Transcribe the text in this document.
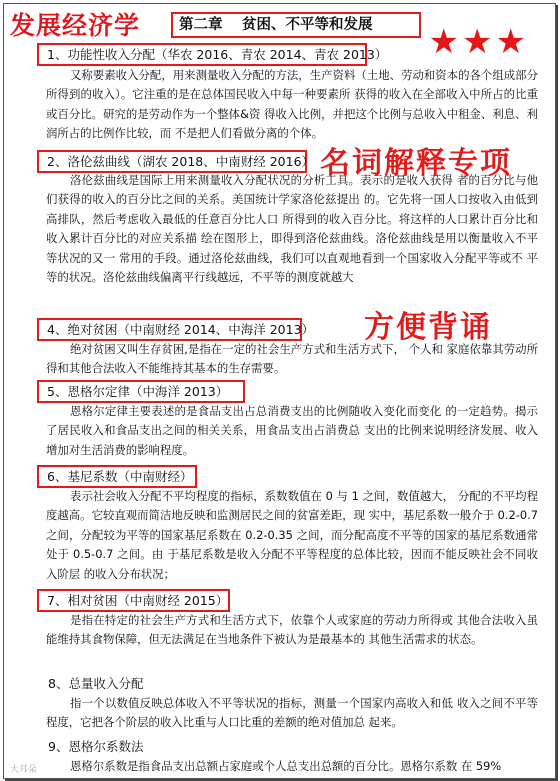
发展经济学	第二章　 贫困、不平等和发展	★★★
1、功能性收入分配（华农 2016、青农 2014、青农 2013）
又称要素收入分配，用来测量收入分配的方法，生产资料（土地、劳动和资本的各个组成部分所得到的收入）。它注重的是在总体国民收入中每一种要素所 获得的收入在全部收入中所占的比重或百分比。研究的是劳动作为一个整体&资 得收入比例，并把这个比例与总收入中租金、利息、利润所占的比例作比较，而 不是把人们看做分离的个体。
2、洛伦兹曲线（湖农 2018、中南财经 2016）
洛伦兹曲线是国际上用来测量收入分配状况的分析工具。表示的是收入获得 者的百分比与他们获得的收入的百分比之间的关系。美国统计学家洛伦兹提出 的。它先将一国人口按收入由低到高排队，然后考虑收入最低的任意百分比人口 所得到的收入百分比。将这样的人口累计百分比和收入累计百分比的对应关系描 绘在图形上，即得到洛伦兹曲线。洛伦兹曲线是用以衡量收入不平等状况的又一 常用的手段。通过洛伦兹曲线，我们可以直观地看到一个国家收入分配平等或不 平等的状况。洛伦兹曲线偏离平行线越远，不平等的测度就越大
4、绝对贫困（中南财经 2014、中海洋 2013）
绝对贫困又叫生存贫困,是指在一定的社会生产方式和生活方式下， 个人和 家庭依靠其劳动所得和其他合法收入不能维持其基本的生存需要。
5、恩格尔定律（中海洋 2013）
恩格尔定律主要表述的是食品支出占总消费支出的比例随收入变化而变化 的一定趋势。揭示了居民收入和食品支出之间的相关关系，用食品支出占消费总 支出的比例来说明经济发展、收入增加对生活消费的影响程度。
6、基尼系数（中南财经）
表示社会收入分配不平均程度的指标，系数数值在 0 与 1 之间，数值越大， 分配的不平均程度越高。它较直观而简洁地反映和监测居民之间的贫富差距，现 实中，基尼系数一般介于 0.2-0.7 之间，分配较为平等的国家基尼系数在 0.2-0.35 之间，而分配高度不平等的国家的基尼系数通常处于 0.5-0.7 之间。由 于基尼系数是收入分配不平等程度的总体比较，因而不能反映社会不同收入阶层 的收入分布状况；
7、相对贫困（中南财经 2015）
是指在特定的社会生产方式和生活方式下，依靠个人或家庭的劳动力所得或 其他合法收入虽能维持其食物保障，但无法满足在当地条件下被认为是最基本的 其他生活需求的状态。
8、总量收入分配
指一个以数值反映总体收入不平等状况的指标，测量一个国家内高收入和低 收入之间不平等程度，它把各个阶层的收入比重与人口比重的差额的绝对值加总 起来。
9、恩格尔系数法
恩格尔系数是指食品支出总额占家庭或个人总支出总额的百分比。恩格尔系数 在 59%
名词解释专项
方便背诵
大耳朵
